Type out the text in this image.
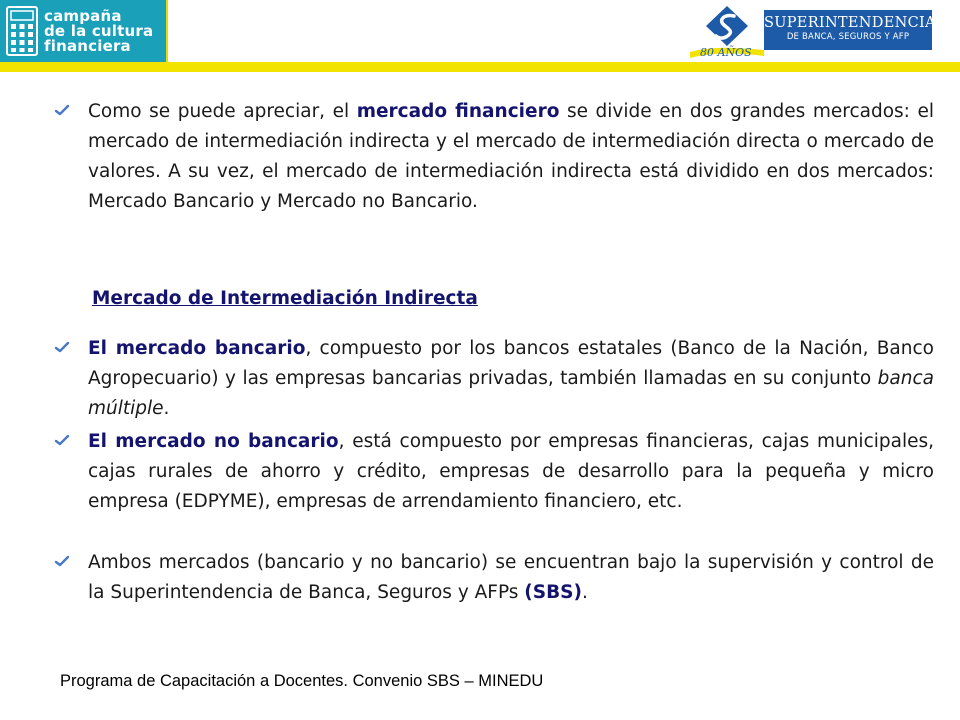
campaña
de la cultura
financiera	80 AÑOS
SUPERINTENDENCIA
DE BANCA, SEGUROS Y AFP
Como se puede apreciar, el mercado financiero se divide en dos grandes mercados: el mercado de intermediación indirecta y el mercado de intermediación directa o mercado de valores. A su vez, el mercado de intermediación indirecta está dividido en dos mercados: Mercado Bancario y Mercado no Bancario.
Mercado de Intermediación Indirecta
El mercado bancario, compuesto por los bancos estatales (Banco de la Nación, Banco Agropecuario) y las empresas bancarias privadas, también llamadas en su conjunto banca múltiple.
El mercado no bancario, está compuesto por empresas financieras, cajas municipales, cajas rurales de ahorro y crédito, empresas de desarrollo para la pequeña y micro empresa (EDPYME), empresas de arrendamiento financiero, etc.
Ambos mercados (bancario y no bancario) se encuentran bajo la supervisión y control de la Superintendencia de Banca, Seguros y AFPs (SBS).
Programa de Capacitación a Docentes. Convenio SBS – MINEDU
